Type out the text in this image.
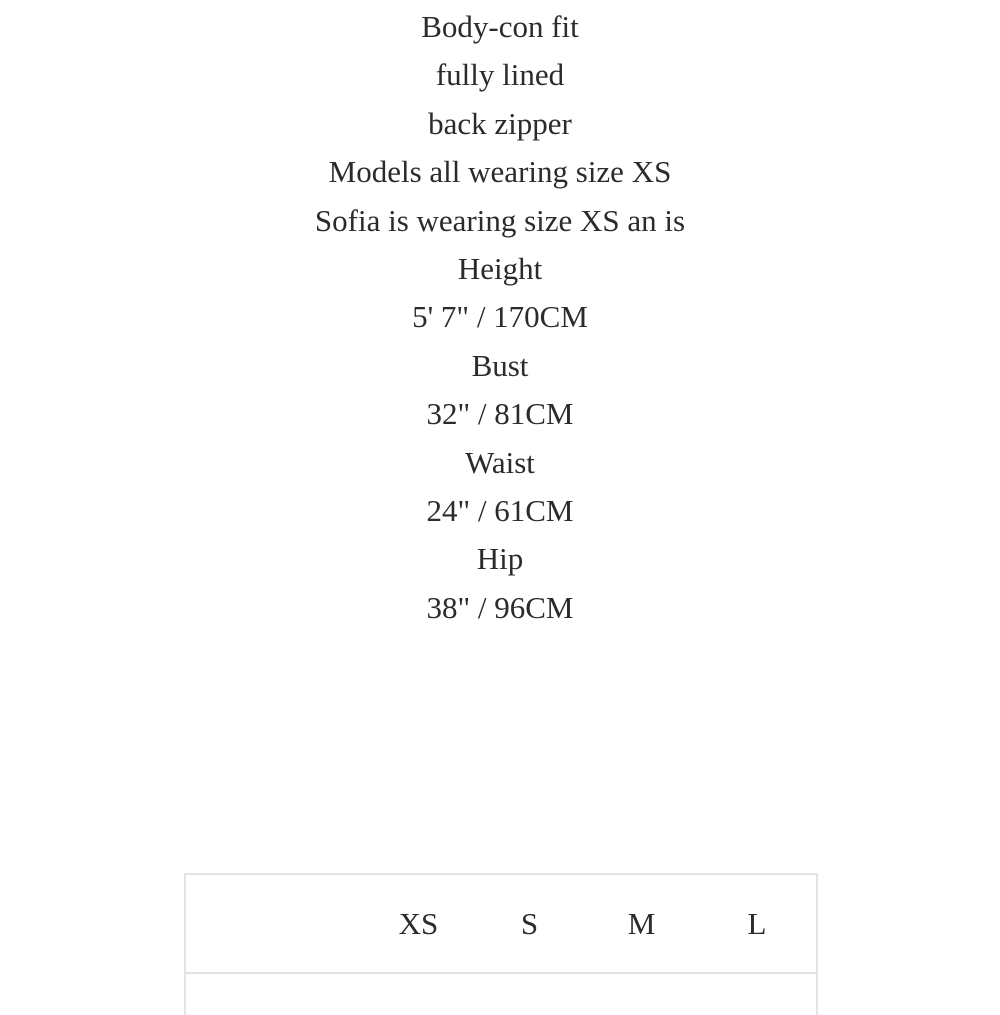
Body-con fit
fully lined
back zipper
Models all wearing size XS
Sofia is wearing size XS an is
Height
5' 7" / 170CM
Bust
32" / 81CM
Waist
24" / 61CM
Hip
38" / 96CM
	XS	S	M	L
